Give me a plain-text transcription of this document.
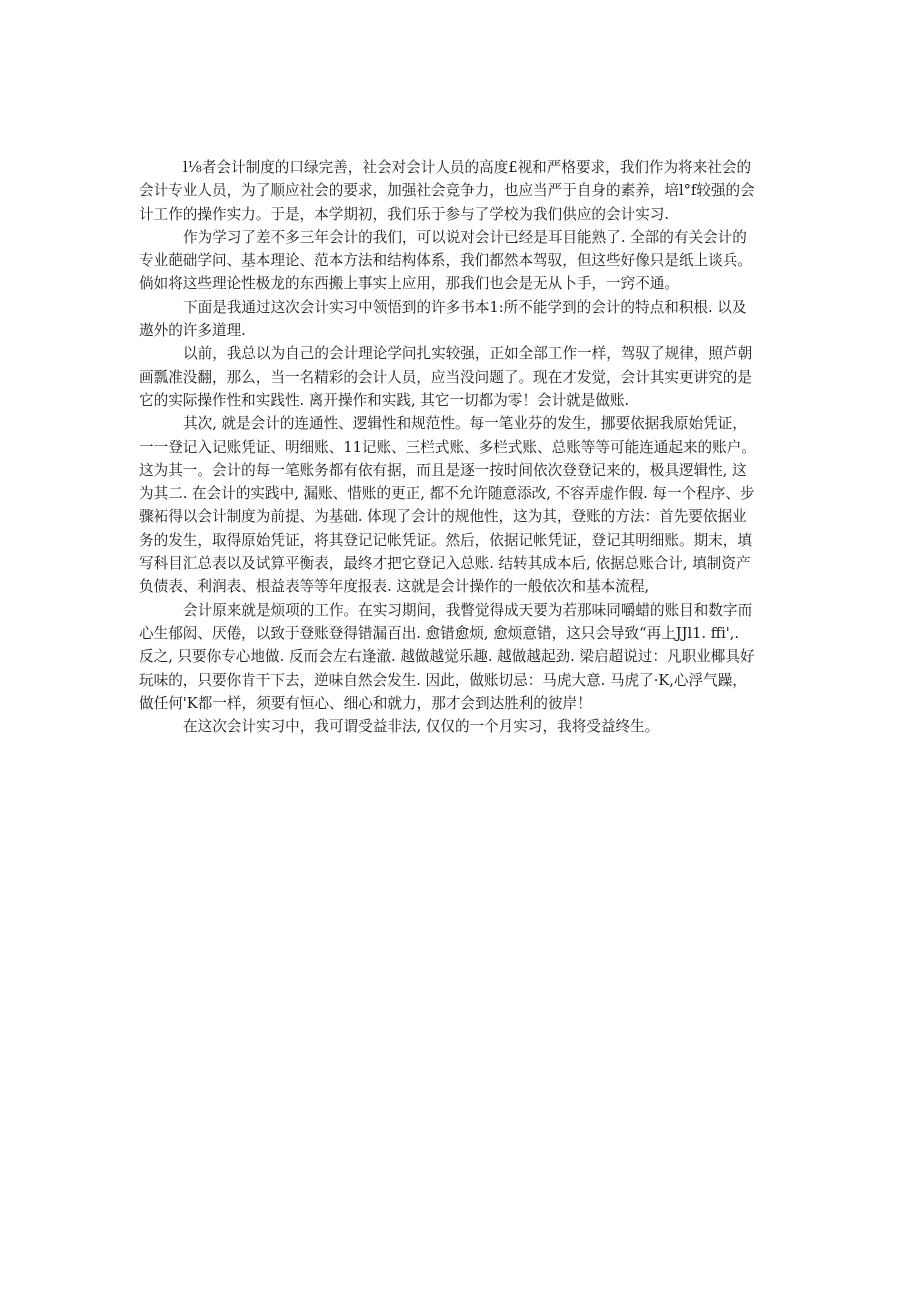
l⅛者会计制度的口绿完善，社会对会计人员的高度£视和严格要求，我们作为将来社会的
会计专业人员，为了顺应社会的要求，加强社会竞争力，也应当严于自身的素养，培l°f较强的会
计工作的操作实力。于是，本学期初，我们乐于参与了学校为我们供应的会计实习.
作为学习了差不多三年会计的我们，可以说对会计已经是耳目能熟了. 全部的有关会计的
专业葩础学问、基本理论、范本方法和结构体系，我们都然本驾驭，但这些好像只是纸上谈兵。
倘如将这些理论性极龙的东西搬上事实上应用，那我们也会是无从卜手，一窍不通。
下面是我通过这次会计实习中领悟到的许多书本1:所不能学到的会计的特点和积根. 以及
遨外的许多道理.
以前，我总以为自己的会计理论学问扎实较强，正如全部工作一样，驾驭了规律，照芦朝
画瓢准没翻，那么，当一名精彩的会计人员，应当没问题了。现在才发觉，会计其实更讲究的是
它的实际操作性和实践性. 离开操作和实践, 其它一切都为零！会计就是做账.
其次, 就是会计的连通性、逻辑性和规范性。每一笔业芬的发生，挪要依据我原始凭证，
一一登记入记账凭证、明细账、11记账、三栏式账、多栏式账、总账等等可能连通起来的账户。
这为其一。会计的每一笔账务都有依有据，而且是逐一按时间依次登登记来的，极具逻辑性, 这
为其二. 在会计的实践中, 漏账、惜账的更正, 都不允许随意添改, 不容弄虚作假. 每一个程序、步
骤袥得以会计制度为前提、为基础. 体现了会计的规他性，这为其，登账的方法：首先要依据业
务的发生，取得原始凭证，将其登记记帐凭证。然后，依据记帐凭证，登记其明细账。期末，填
写科目汇总表以及试算平衡表，最终才把它登记入总账. 结转其成本后, 依据总账合计, 填制资产
负债表、利润表、根益表等等年度报表. 这就是会计操作的一般依次和基本流程,
会计原来就是烦项的工作。在实习期间，我瞥觉得成天要为若那味同嚼蜡的账目和数字而
心生郁闳、厌倦，以致于登账登得错漏百出. 愈错愈烦, 愈烦意错，这只会导致“再上JJl1. ffi',.
反之, 只要你专心地做. 反而会左右逢澈. 越做越觉乐趣. 越做越起劲. 梁启超说过：凡职业椰具好
玩味的，只要你肯干下去，逆味自然会发生. 因此，做账切忌：马虎大意. 马虎了·K,心浮气躁，
做任何'K都一样，须要有恒心、细心和就力，那才会到达胜利的彼岸！
在这次会计实习中，我可谓受益非法, 仅仅的一个月实习，我将受益终生。
